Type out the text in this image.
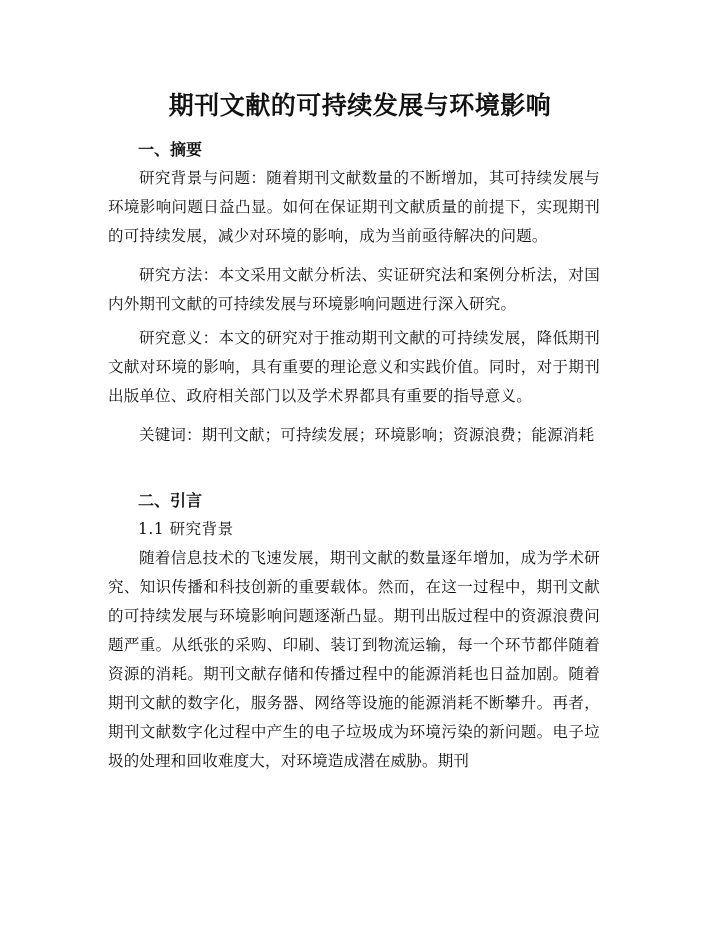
期刊文献的可持续发展与环境影响
一、摘要

研究背景与问题：随着期刊文献数量的不断增加，其可持续发展与环境影响问题日益凸显。如何在保证期刊文献质量的前提下，实现期刊的可持续发展，减少对环境的影响，成为当前亟待解决的问题。

研究方法：本文采用文献分析法、实证研究法和案例分析法，对国内外期刊文献的可持续发展与环境影响问题进行深入研究。

研究意义：本文的研究对于推动期刊文献的可持续发展，降低期刊文献对环境的影响，具有重要的理论意义和实践价值。同时，对于期刊出版单位、政府相关部门以及学术界都具有重要的指导意义。

关键词：期刊文献；可持续发展；环境影响；资源浪费；能源消耗

二、引言

1.1 研究背景

随着信息技术的飞速发展，期刊文献的数量逐年增加，成为学术研究、知识传播和科技创新的重要载体。然而，在这一过程中，期刊文献的可持续发展与环境影响问题逐渐凸显。期刊出版过程中的资源浪费问题严重。从纸张的采购、印刷、装订到物流运输，每一个环节都伴随着资源的消耗。期刊文献存储和传播过程中的能源消耗也日益加剧。随着期刊文献的数字化，服务器、网络等设施的能源消耗不断攀升。再者，期刊文献数字化过程中产生的电子垃圾成为环境污染的新问题。电子垃圾的处理和回收难度大，对环境造成潜在威胁。期刊
